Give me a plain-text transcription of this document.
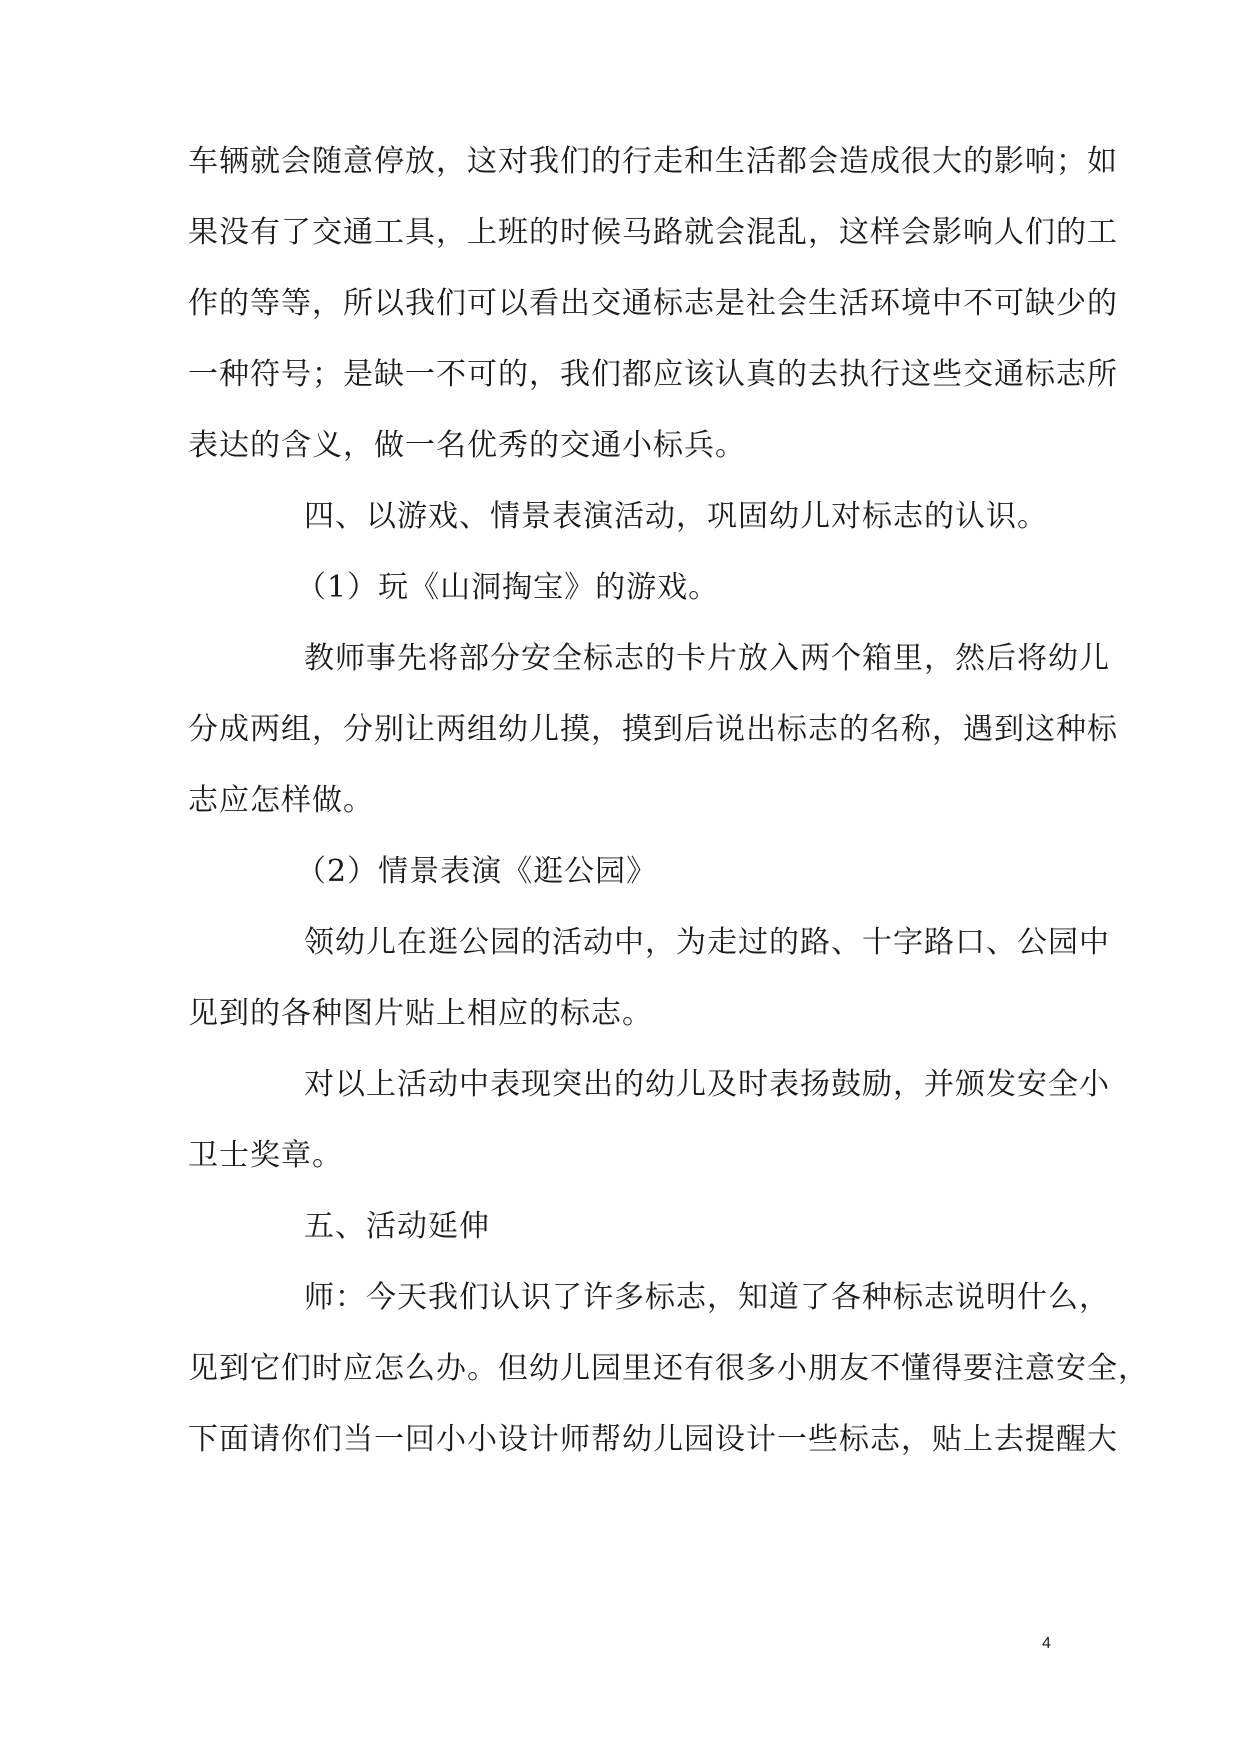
车辆就会随意停放，这对我们的行走和生活都会造成很大的影响；如
果没有了交通工具，上班的时候马路就会混乱，这样会影响人们的工
作的等等，所以我们可以看出交通标志是社会生活环境中不可缺少的
一种符号；是缺一不可的，我们都应该认真的去执行这些交通标志所
表达的含义，做一名优秀的交通小标兵。
四、以游戏、情景表演活动，巩固幼儿对标志的认识。
（1）玩《山洞掏宝》的游戏。
教师事先将部分安全标志的卡片放入两个箱里，然后将幼儿
分成两组，分别让两组幼儿摸，摸到后说出标志的名称，遇到这种标
志应怎样做。
（2）情景表演《逛公园》
领幼儿在逛公园的活动中，为走过的路、十字路口、公园中
见到的各种图片贴上相应的标志。
对以上活动中表现突出的幼儿及时表扬鼓励，并颁发安全小
卫士奖章。
五、活动延伸
师：今天我们认识了许多标志，知道了各种标志说明什么，
见到它们时应怎么办。但幼儿园里还有很多小朋友不懂得要注意安全，
下面请你们当一回小小设计师帮幼儿园设计一些标志，贴上去提醒大
4
